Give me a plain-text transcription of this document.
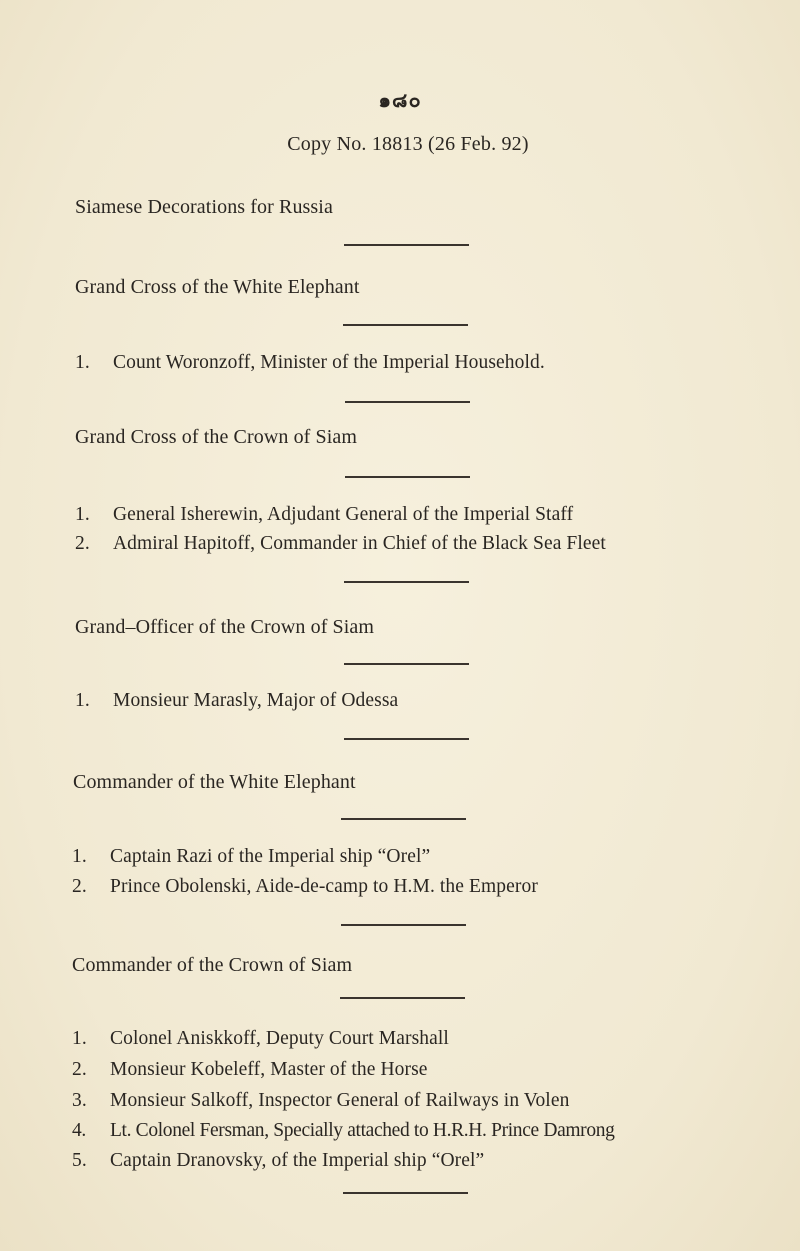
๑๘๐
Copy No. 18813 (26 Feb. 92)
Siamese Decorations for Russia
Grand Cross of the White Elephant
1. Count Woronzoff, Minister of the Imperial Household.
Grand Cross of the Crown of Siam
1. General Isherewin, Adjudant General of the Imperial Staff
2. Admiral Hapitoff, Commander in Chief of the Black Sea Fleet
Grand–Officer of the Crown of Siam
1. Monsieur Marasly, Major of Odessa
Commander of the White Elephant
1. Captain Razi of the Imperial ship “Orel”
2. Prince Obolenski, Aide-de-camp to H.M. the Emperor
Commander of the Crown of Siam
1. Colonel Aniskkoff, Deputy Court Marshall
2. Monsieur Kobeleff, Master of the Horse
3. Monsieur Salkoff, Inspector General of Railways in Volen
4. Lt. Colonel Fersman, Specially attached to H.R.H. Prince Damrong
5. Captain Dranovsky, of the Imperial ship “Orel”
